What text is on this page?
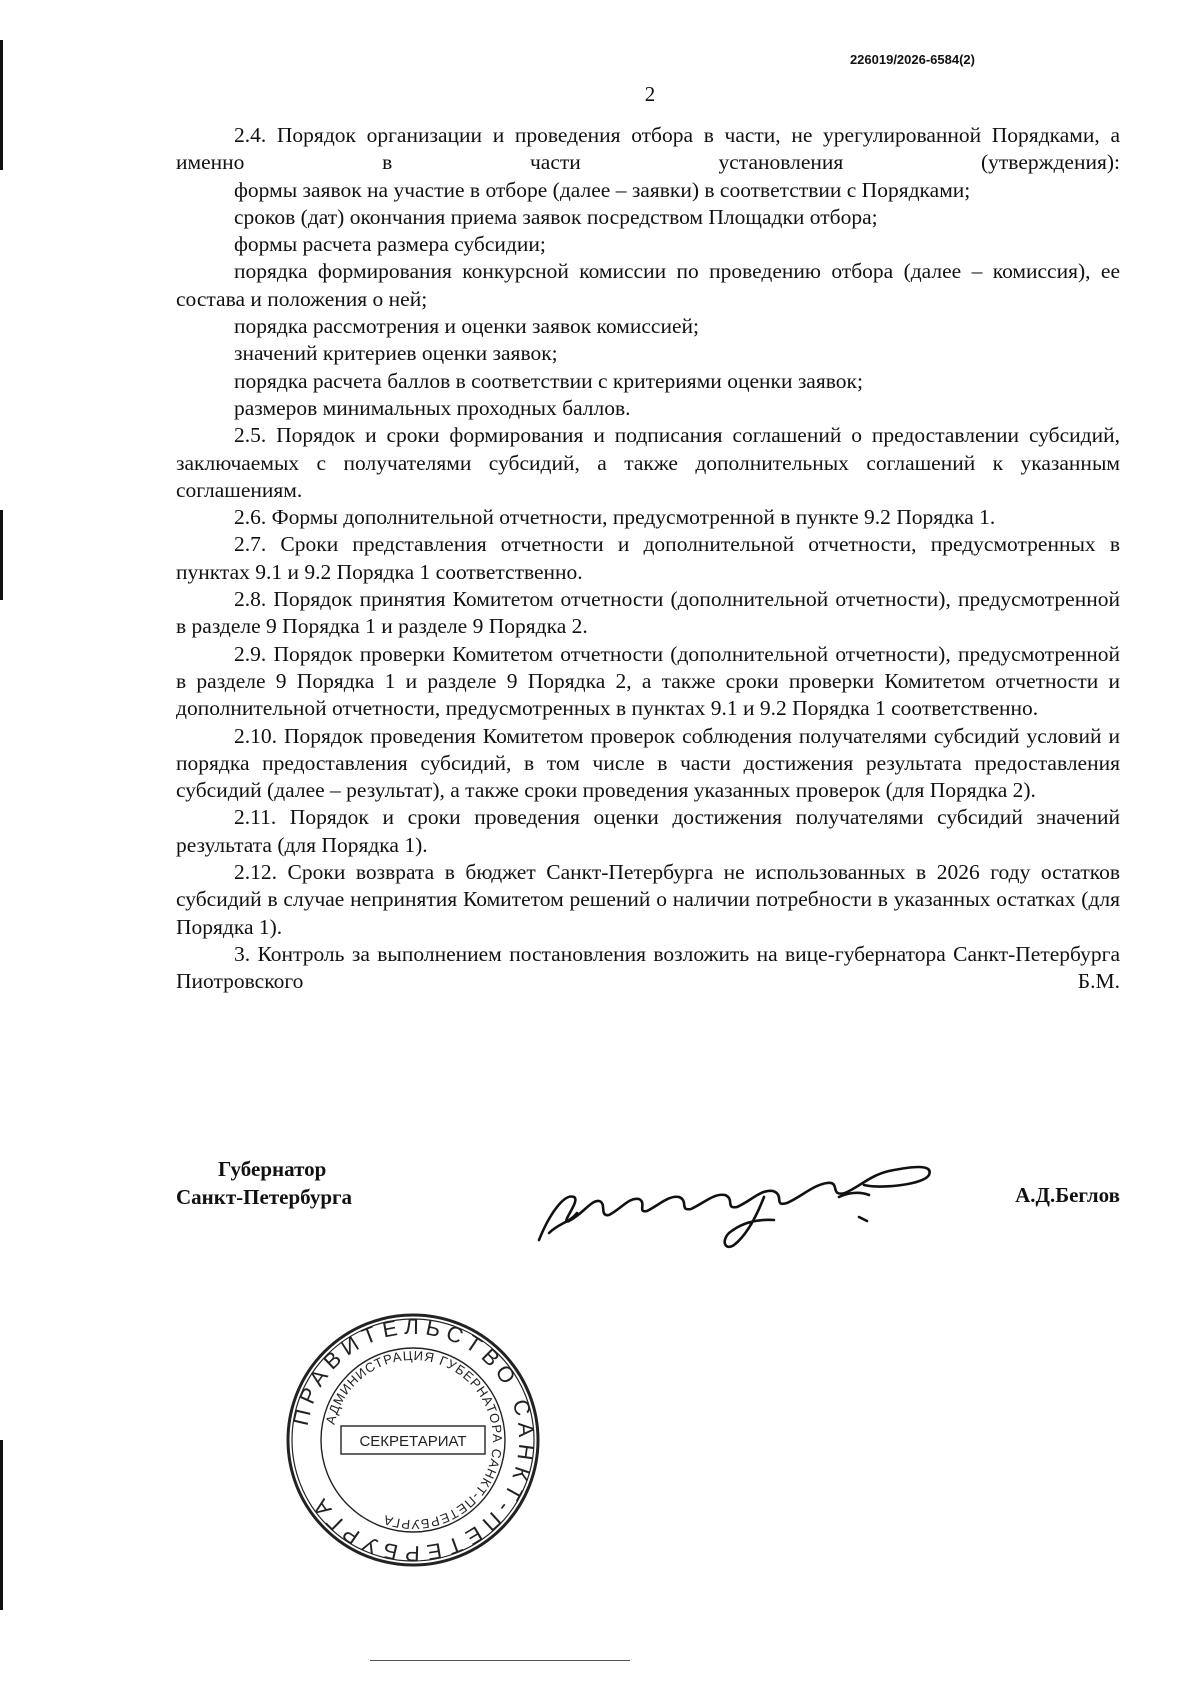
226019/2026-6584(2)
2

2.4. Порядок организации и проведения отбора в части, не урегулированной Порядками, а именно в части установления (утверждения):

формы заявок на участие в отборе (далее – заявки) в соответствии с Порядками;

сроков (дат) окончания приема заявок посредством Площадки отбора;

формы расчета размера субсидии;

порядка формирования конкурсной комиссии по проведению отбора (далее – комиссия), ее состава и положения о ней;

порядка рассмотрения и оценки заявок комиссией;

значений критериев оценки заявок;

порядка расчета баллов в соответствии с критериями оценки заявок;

размеров минимальных проходных баллов.

2.5. Порядок и сроки формирования и подписания соглашений о предоставлении субсидий, заключаемых с получателями субсидий, а также дополнительных соглашений к указанным соглашениям.

2.6. Формы дополнительной отчетности, предусмотренной в пункте 9.2 Порядка 1.

2.7. Сроки представления отчетности и дополнительной отчетности, предусмотренных в пунктах 9.1 и 9.2 Порядка 1 соответственно.

2.8. Порядок принятия Комитетом отчетности (дополнительной отчетности), предусмотренной в разделе 9 Порядка 1 и разделе 9 Порядка 2.

2.9. Порядок проверки Комитетом отчетности (дополнительной отчетности), предусмотренной в разделе 9 Порядка 1 и разделе 9 Порядка 2, а также сроки проверки Комитетом отчетности и дополнительной отчетности, предусмотренных в пунктах 9.1 и 9.2 Порядка 1 соответственно.

2.10. Порядок проведения Комитетом проверок соблюдения получателями субсидий условий и порядка предоставления субсидий, в том числе в части достижения результата предоставления субсидий (далее – результат), а также сроки проведения указанных проверок (для Порядка 2).

2.11. Порядок и сроки проведения оценки достижения получателями субсидий значений результата (для Порядка 1).

2.12. Сроки возврата в бюджет Санкт-Петербурга не использованных в 2026 году остатков субсидий в случае непринятия Комитетом решений о наличии потребности в указанных остатках (для Порядка 1).

3. Контроль за выполнением постановления возложить на вице-губернатора Санкт-Петербурга Пиотровского Б.М.

Губернатор
Санкт-Петербурга	А.Д.Беглов
ПРАВИТЕЛЬСТВО САНКТ-ПЕТЕРБУРГА
АДМИНИСТРАЦИЯ ГУБЕРНАТОРА САНКТ-ПЕТЕРБУРГА
СЕКРЕТАРИАТ
